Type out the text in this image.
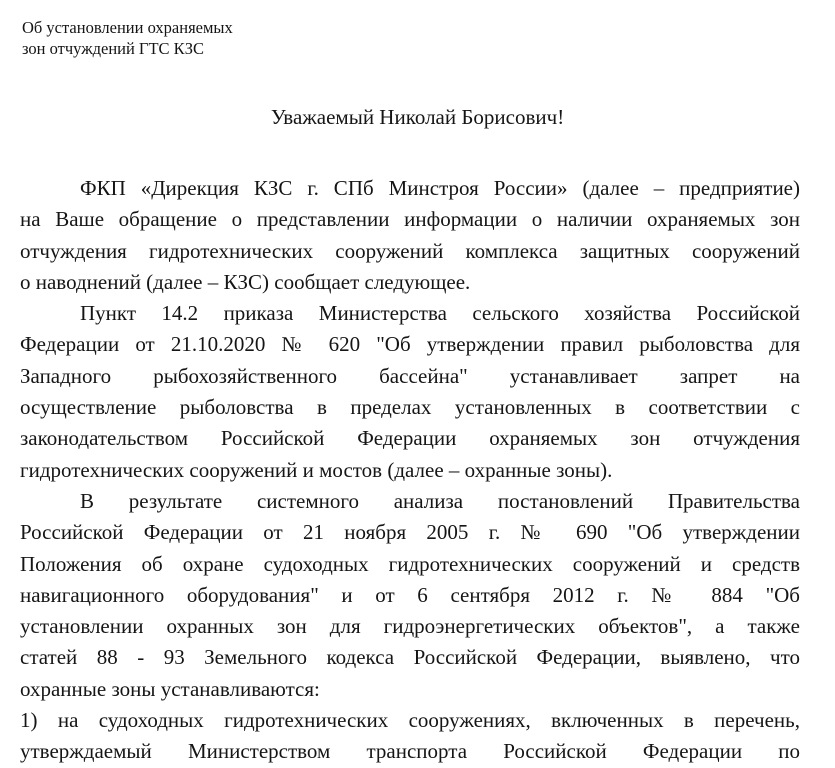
Об установлении охраняемых
зон отчуждений ГТС КЗС
Уважаемый Николай Борисович!
ФКП «Дирекция КЗС г. СПб Минстроя России» (далее – предприятие)
на Ваше обращение о представлении информации о наличии охраняемых зон
отчуждения гидротехнических сооружений комплекса защитных сооружений
о наводнений (далее – КЗС) сообщает следующее.
Пункт 14.2 приказа Министерства сельского хозяйства Российской
Федерации от 21.10.2020 № 620 "Об утверждении правил рыболовства для
Западного рыбохозяйственного бассейна" устанавливает запрет на
осуществление рыболовства в пределах установленных в соответствии с
законодательством Российской Федерации охраняемых зон отчуждения
гидротехнических сооружений и мостов (далее – охранные зоны).
В результате системного анализа постановлений Правительства
Российской Федерации от 21 ноября 2005 г. № 690 "Об утверждении
Положения об охране судоходных гидротехнических сооружений и средств
навигационного оборудования" и от 6 сентября 2012 г. № 884 "Об
установлении охранных зон для гидроэнергетических объектов", а также
статей 88 - 93 Земельного кодекса Российской Федерации, выявлено, что
охранные зоны устанавливаются:
1) на судоходных гидротехнических сооружениях, включенных в перечень,
утверждаемый Министерством транспорта Российской Федерации по
